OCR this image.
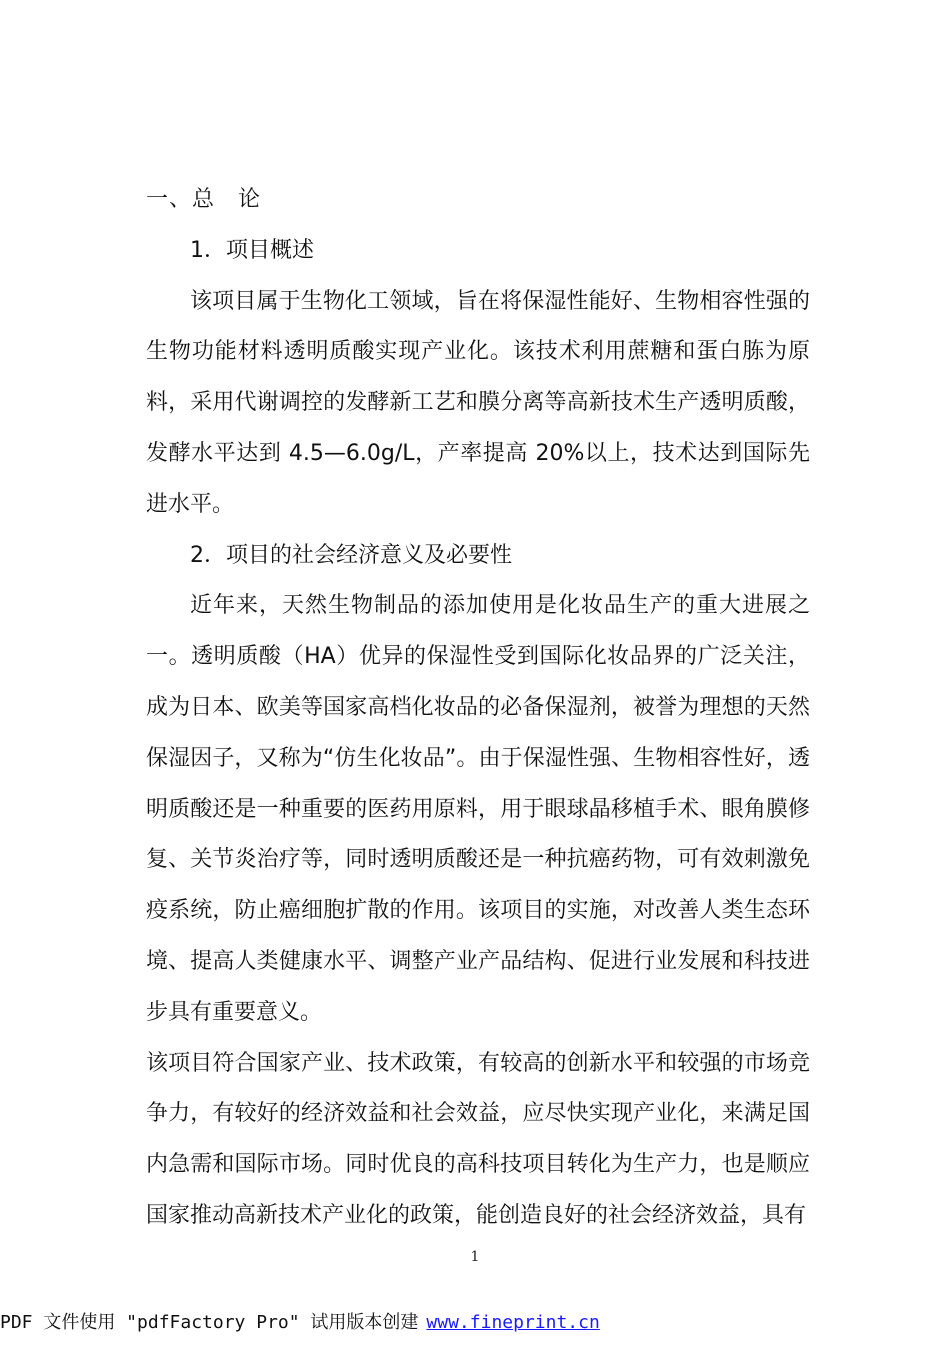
一、总　论

1．项目概述

该项目属于生物化工领域，旨在将保湿性能好、生物相容性强的生物功能材料透明质酸实现产业化。该技术利用蔗糖和蛋白胨为原料，采用代谢调控的发酵新工艺和膜分离等高新技术生产透明质酸，发酵水平达到 4.5—6.0g/L，产率提高 20%以上，技术达到国际先进水平。

2．项目的社会经济意义及必要性

近年来，天然生物制品的添加使用是化妆品生产的重大进展之一。透明质酸（HA）优异的保湿性受到国际化妆品界的广泛关注，成为日本、欧美等国家高档化妆品的必备保湿剂，被誉为理想的天然保湿因子，又称为“仿生化妆品”。由于保湿性强、生物相容性好，透明质酸还是一种重要的医药用原料，用于眼球晶移植手术、眼角膜修复、关节炎治疗等，同时透明质酸还是一种抗癌药物，可有效刺激免疫系统，防止癌细胞扩散的作用。该项目的实施，对改善人类生态环境、提高人类健康水平、调整产业产品结构、促进行业发展和科技进步具有重要意义。

该项目符合国家产业、技术政策，有较高的创新水平和较强的市场竞争力，有较好的经济效益和社会效益，应尽快实现产业化，来满足国内急需和国际市场。同时优良的高科技项目转化为生产力，也是顺应国家推动高新技术产业化的政策，能创造良好的社会经济效益，具有

1
PDF 文件使用 "pdfFactory Pro" 试用版本创建 www.fineprint.cn
